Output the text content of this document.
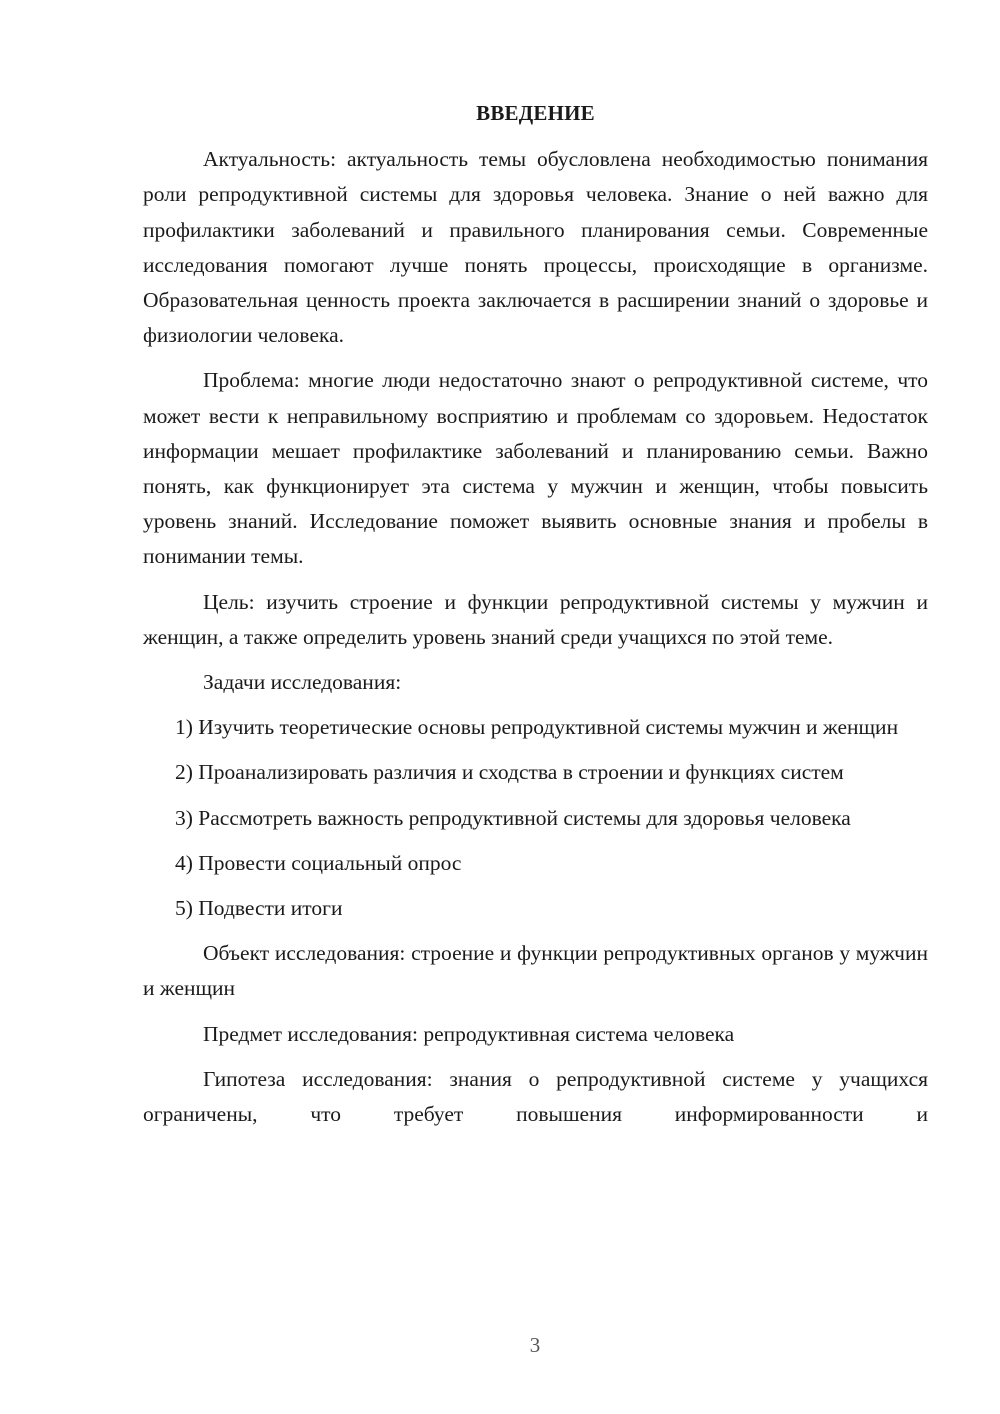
ВВЕДЕНИЕ
Актуальность: актуальность темы обусловлена необходимостью понимания роли репродуктивной системы для здоровья человека. Знание о ней важно для профилактики заболеваний и правильного планирования семьи. Современные исследования помогают лучше понять процессы, происходящие в организме. Образовательная ценность проекта заключается в расширении знаний о здоровье и физиологии человека.
Проблема: многие люди недостаточно знают о репродуктивной системе, что может вести к неправильному восприятию и проблемам со здоровьем. Недостаток информации мешает профилактике заболеваний и планированию семьи. Важно понять, как функционирует эта система у мужчин и женщин, чтобы повысить уровень знаний. Исследование поможет выявить основные знания и пробелы в понимании темы.
Цель: изучить строение и функции репродуктивной системы у мужчин и женщин, а также определить уровень знаний среди учащихся по этой теме.
Задачи исследования:
1) Изучить теоретические основы репродуктивной системы мужчин и женщин
2) Проанализировать различия и сходства в строении и функциях систем
3) Рассмотреть важность репродуктивной системы для здоровья человека
4) Провести социальный опрос
5) Подвести итоги
Объект исследования: строение и функции репродуктивных органов у мужчин и женщин
Предмет исследования: репродуктивная система человека
Гипотеза исследования: знания о репродуктивной системе у учащихся ограничены, что требует повышения информированности и
3
